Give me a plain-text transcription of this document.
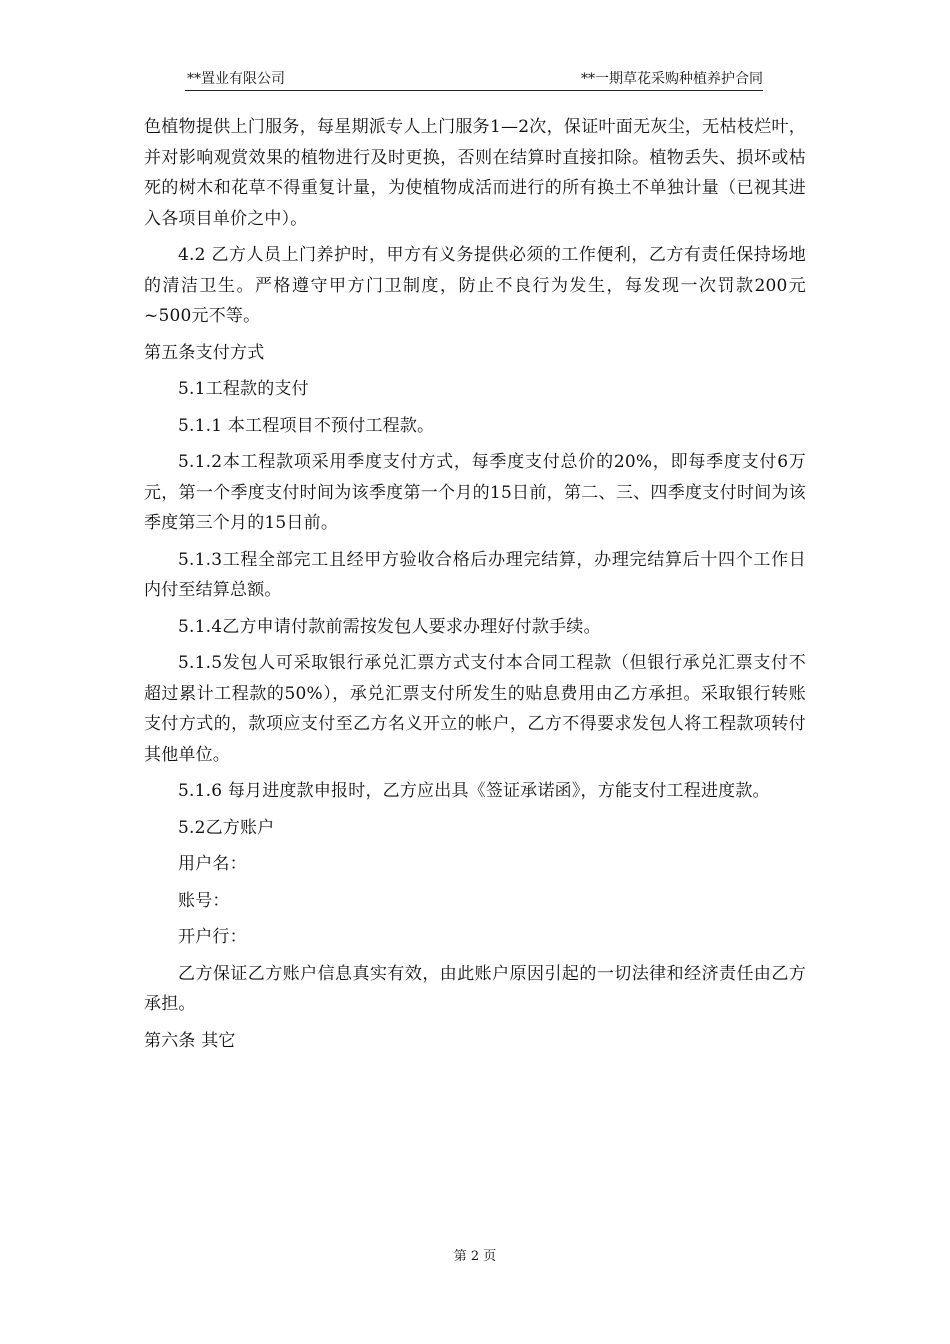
**置业有限公司	**一期草花采购种植养护合同

色植物提供上门服务，每星期派专人上门服务1—2次，保证叶面无灰尘，无枯枝烂叶，并对影响观赏效果的植物进行及时更换，否则在结算时直接扣除。植物丢失、损坏或枯死的树木和花草不得重复计量，为使植物成活而进行的所有换土不单独计量（已视其进入各项目单价之中）。

4.2 乙方人员上门养护时，甲方有义务提供必须的工作便利，乙方有责任保持场地的清洁卫生。严格遵守甲方门卫制度，防止不良行为发生，每发现一次罚款200元~500元不等。

第五条支付方式

5.1工程款的支付

5.1.1 本工程项目不预付工程款。

5.1.2本工程款项采用季度支付方式，每季度支付总价的20%，即每季度支付6万元，第一个季度支付时间为该季度第一个月的15日前，第二、三、四季度支付时间为该季度第三个月的15日前。

5.1.3工程全部完工且经甲方验收合格后办理完结算，办理完结算后十四个工作日内付至结算总额。

5.1.4乙方申请付款前需按发包人要求办理好付款手续。

5.1.5发包人可采取银行承兑汇票方式支付本合同工程款（但银行承兑汇票支付不超过累计工程款的50%），承兑汇票支付所发生的贴息费用由乙方承担。采取银行转账支付方式的，款项应支付至乙方名义开立的帐户，乙方不得要求发包人将工程款项转付其他单位。

5.1.6 每月进度款申报时，乙方应出具《签证承诺函》，方能支付工程进度款。

5.2乙方账户

用户名：

账号：

开户行：

乙方保证乙方账户信息真实有效，由此账户原因引起的一切法律和经济责任由乙方承担。

第六条 其它

第 2 页
